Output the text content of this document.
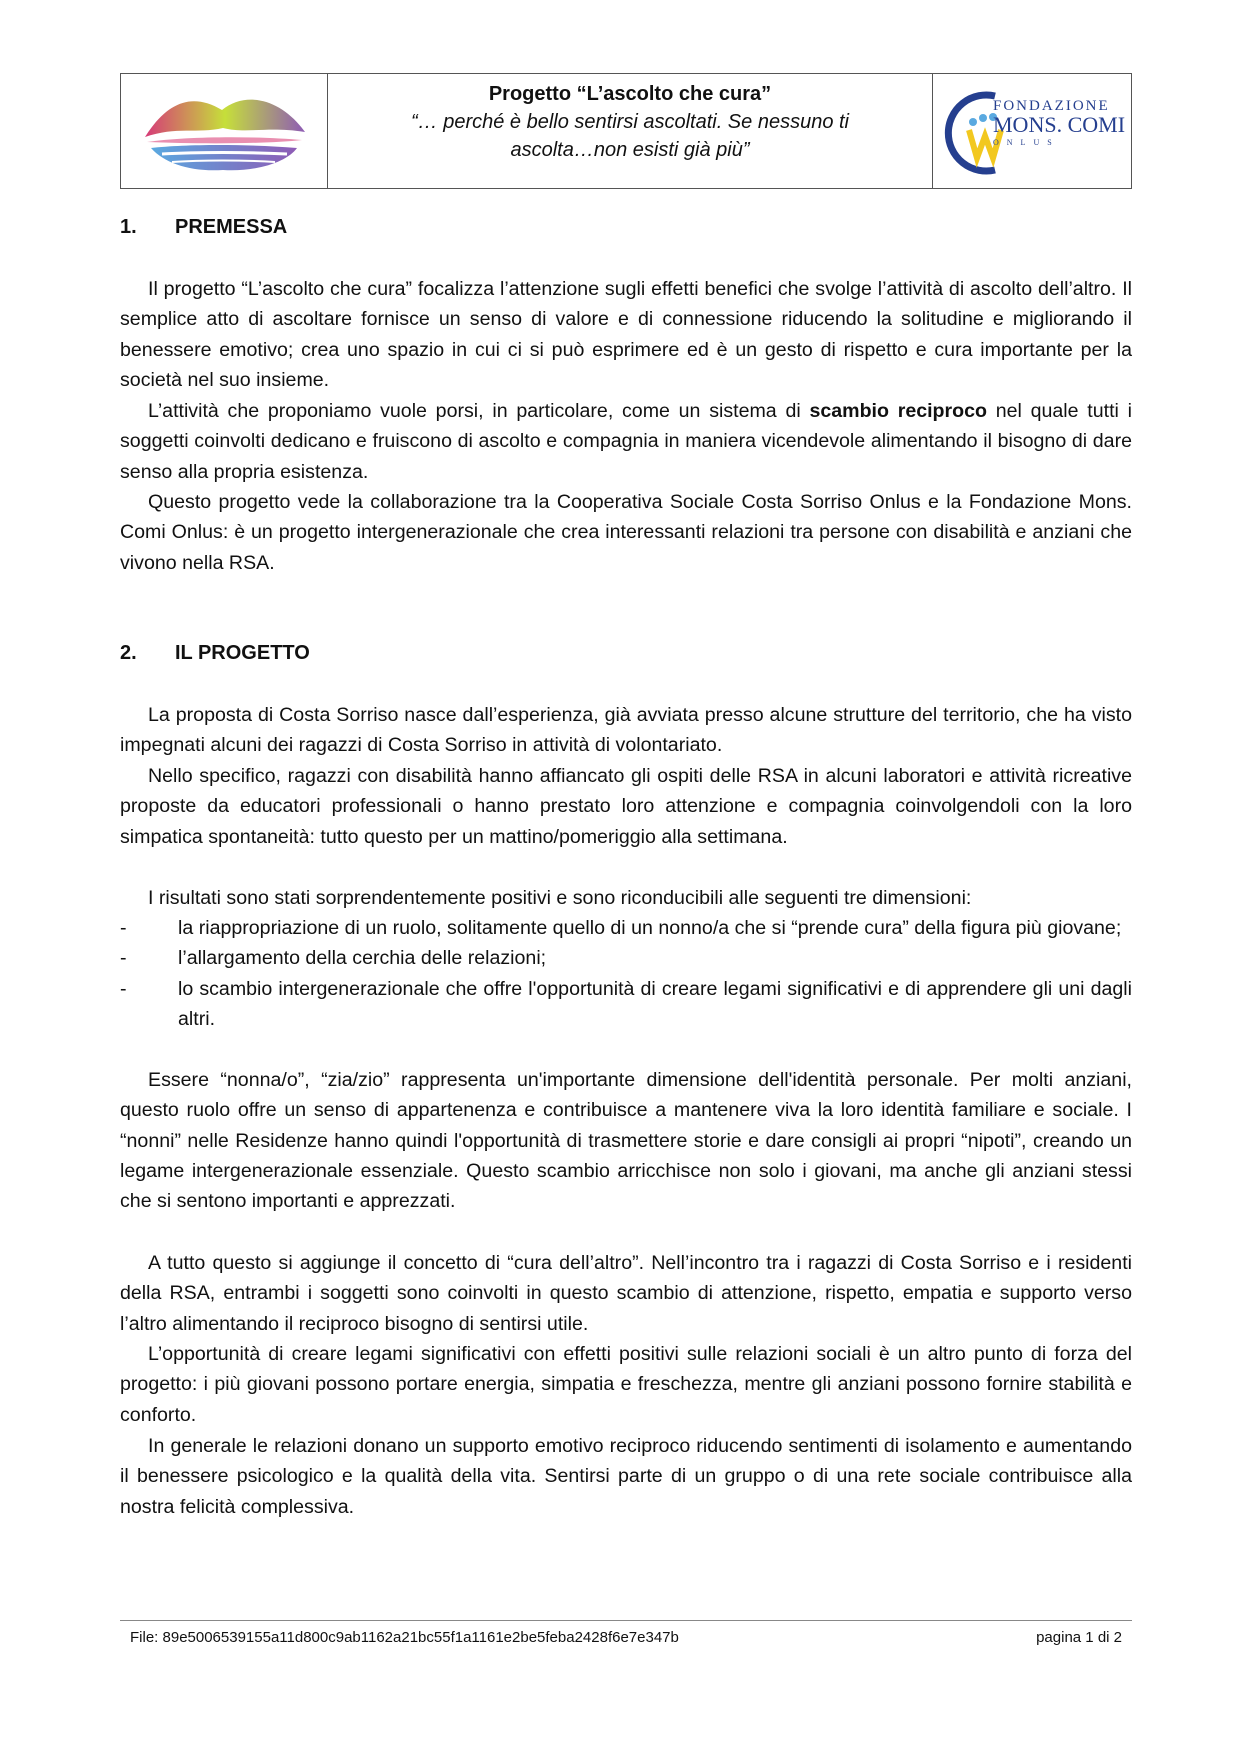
Progetto “L’ascolto che cura”
“… perché è bello sentirsi ascoltati. Se nessuno ti
ascolta…non esisti già più”
FONDAZIONE
MONS. COMI
ONLUS
1. PREMESSA

Il progetto “L’ascolto che cura” focalizza l’attenzione sugli effetti benefici che svolge l’attività di ascolto dell’altro. Il semplice atto di ascoltare fornisce un senso di valore e di connessione riducendo la solitudine e migliorando il benessere emotivo; crea uno spazio in cui ci si può esprimere ed è un gesto di rispetto e cura importante per la società nel suo insieme.

L’attività che proponiamo vuole porsi, in particolare, come un sistema di scambio reciproco nel quale tutti i soggetti coinvolti dedicano e fruiscono di ascolto e compagnia in maniera vicendevole alimentando il bisogno di dare senso alla propria esistenza.

Questo progetto vede la collaborazione tra la Cooperativa Sociale Costa Sorriso Onlus e la Fondazione Mons. Comi Onlus: è un progetto intergenerazionale che crea interessanti relazioni tra persone con disabilità e anziani che vivono nella RSA.

2. IL PROGETTO

La proposta di Costa Sorriso nasce dall’esperienza, già avviata presso alcune strutture del territorio, che ha visto impegnati alcuni dei ragazzi di Costa Sorriso in attività di volontariato.

Nello specifico, ragazzi con disabilità hanno affiancato gli ospiti delle RSA in alcuni laboratori e attività ricreative proposte da educatori professionali o hanno prestato loro attenzione e compagnia coinvolgendoli con la loro simpatica spontaneità: tutto questo per un mattino/pomeriggio alla settimana.

I risultati sono stati sorprendentemente positivi e sono riconducibili alle seguenti tre dimensioni:

-	la riappropriazione di un ruolo, solitamente quello di un nonno/a che si “prende cura” della figura più giovane;
-	l’allargamento della cerchia delle relazioni;
-	lo scambio intergenerazionale che offre l'opportunità di creare legami significativi e di apprendere gli uni dagli altri.

Essere “nonna/o”, “zia/zio” rappresenta un'importante dimensione dell'identità personale. Per molti anziani, questo ruolo offre un senso di appartenenza e contribuisce a mantenere viva la loro identità familiare e sociale. I “nonni” nelle Residenze hanno quindi l'opportunità di trasmettere storie e dare consigli ai propri “nipoti”, creando un legame intergenerazionale essenziale. Questo scambio arricchisce non solo i giovani, ma anche gli anziani stessi che si sentono importanti e apprezzati.

A tutto questo si aggiunge il concetto di “cura dell’altro”. Nell’incontro tra i ragazzi di Costa Sorriso e i residenti della RSA, entrambi i soggetti sono coinvolti in questo scambio di attenzione, rispetto, empatia e supporto verso l’altro alimentando il reciproco bisogno di sentirsi utile.

L’opportunità di creare legami significativi con effetti positivi sulle relazioni sociali è un altro punto di forza del progetto: i più giovani possono portare energia, simpatia e freschezza, mentre gli anziani possono fornire stabilità e conforto.

In generale le relazioni donano un supporto emotivo reciproco riducendo sentimenti di isolamento e aumentando il benessere psicologico e la qualità della vita. Sentirsi parte di un gruppo o di una rete sociale contribuisce alla nostra felicità complessiva.

File: 89e5006539155a11d800c9ab1162a21bc55f1a1161e2be5feba2428f6e7e347b	pagina 1 di 2
